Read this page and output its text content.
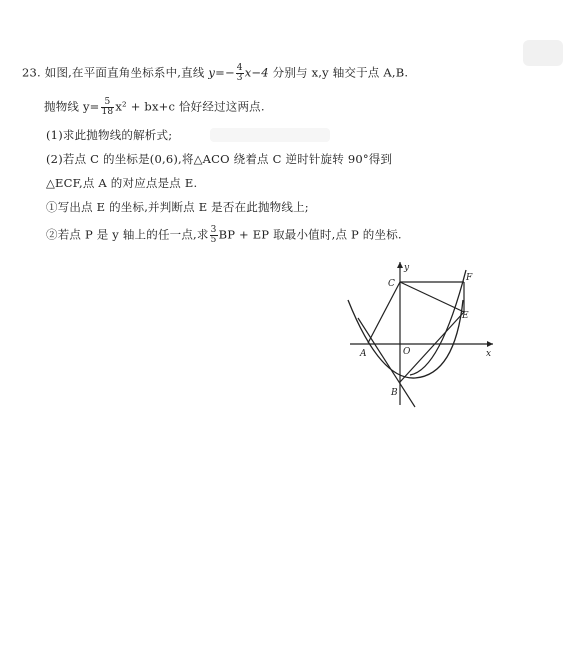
23. 如图,在平面直角坐标系中,直线 $y=- \frac{4}{3} x-4$ 分别与 x,y 轴交于点 A,B.
抛物线 $y= \frac{5}{18} x^2 + bx+c$ 恰好经过这两点.
(1)求此抛物线的解析式;
(2)若点 C 的坐标是(0,6),将△ACO 绕着点 C 逆时针旋转 90°得到
△ECF,点 A 的对应点是点 E.
①写出点 E 的坐标,并判断点 E 是否在此抛物线上;
②若点 P 是 y 轴上的任一点,求 $\frac{3}{5}$ BP + EP 取最小值时,点 P 的坐标.
y
x
O
A
B
C
E
F
